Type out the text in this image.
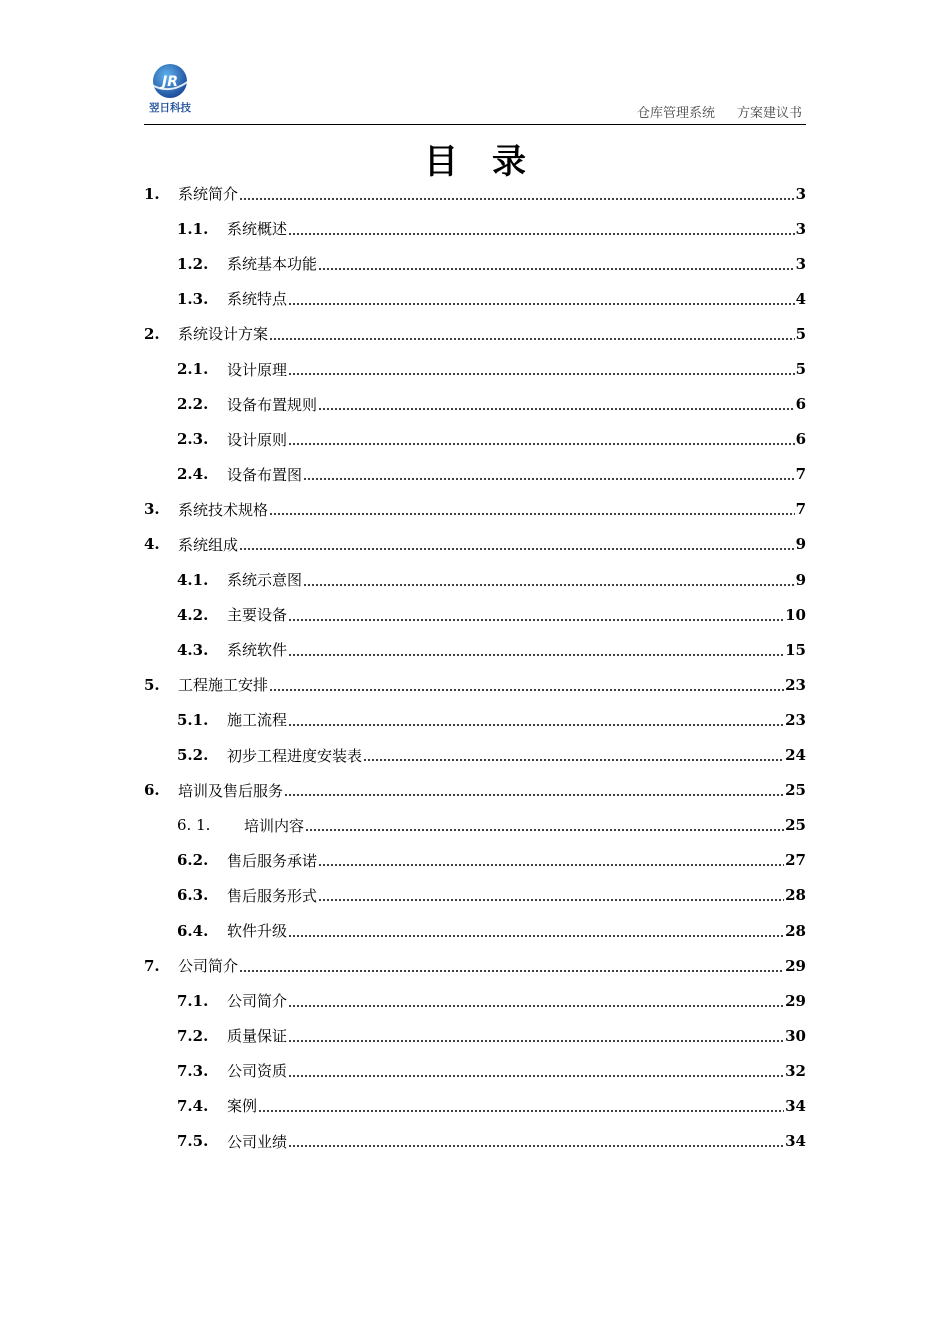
JR
翌日科技	仓库管理系统 方案建议书
目录
1.	系统简介	3
1.1.	系统概述	3
1.2.	系统基本功能	3
1.3.	系统特点	4
2.	系统设计方案	5
2.1.	设计原理	5
2.2.	设备布置规则	6
2.3.	设计原则	6
2.4.	设备布置图	7
3.	系统技术规格	7
4.	系统组成	9
4.1.	系统示意图	9
4.2.	主要设备	10
4.3.	系统软件	15
5.	工程施工安排	23
5.1.	施工流程	23
5.2.	初步工程进度安装表	24
6.	培训及售后服务	25
6. 1.	培训内容	25
6.2.	售后服务承诺	27
6.3.	售后服务形式	28
6.4.	软件升级	28
7.	公司简介	29
7.1.	公司简介	29
7.2.	质量保证	30
7.3.	公司资质	32
7.4.	案例	34
7.5.	公司业绩	34
